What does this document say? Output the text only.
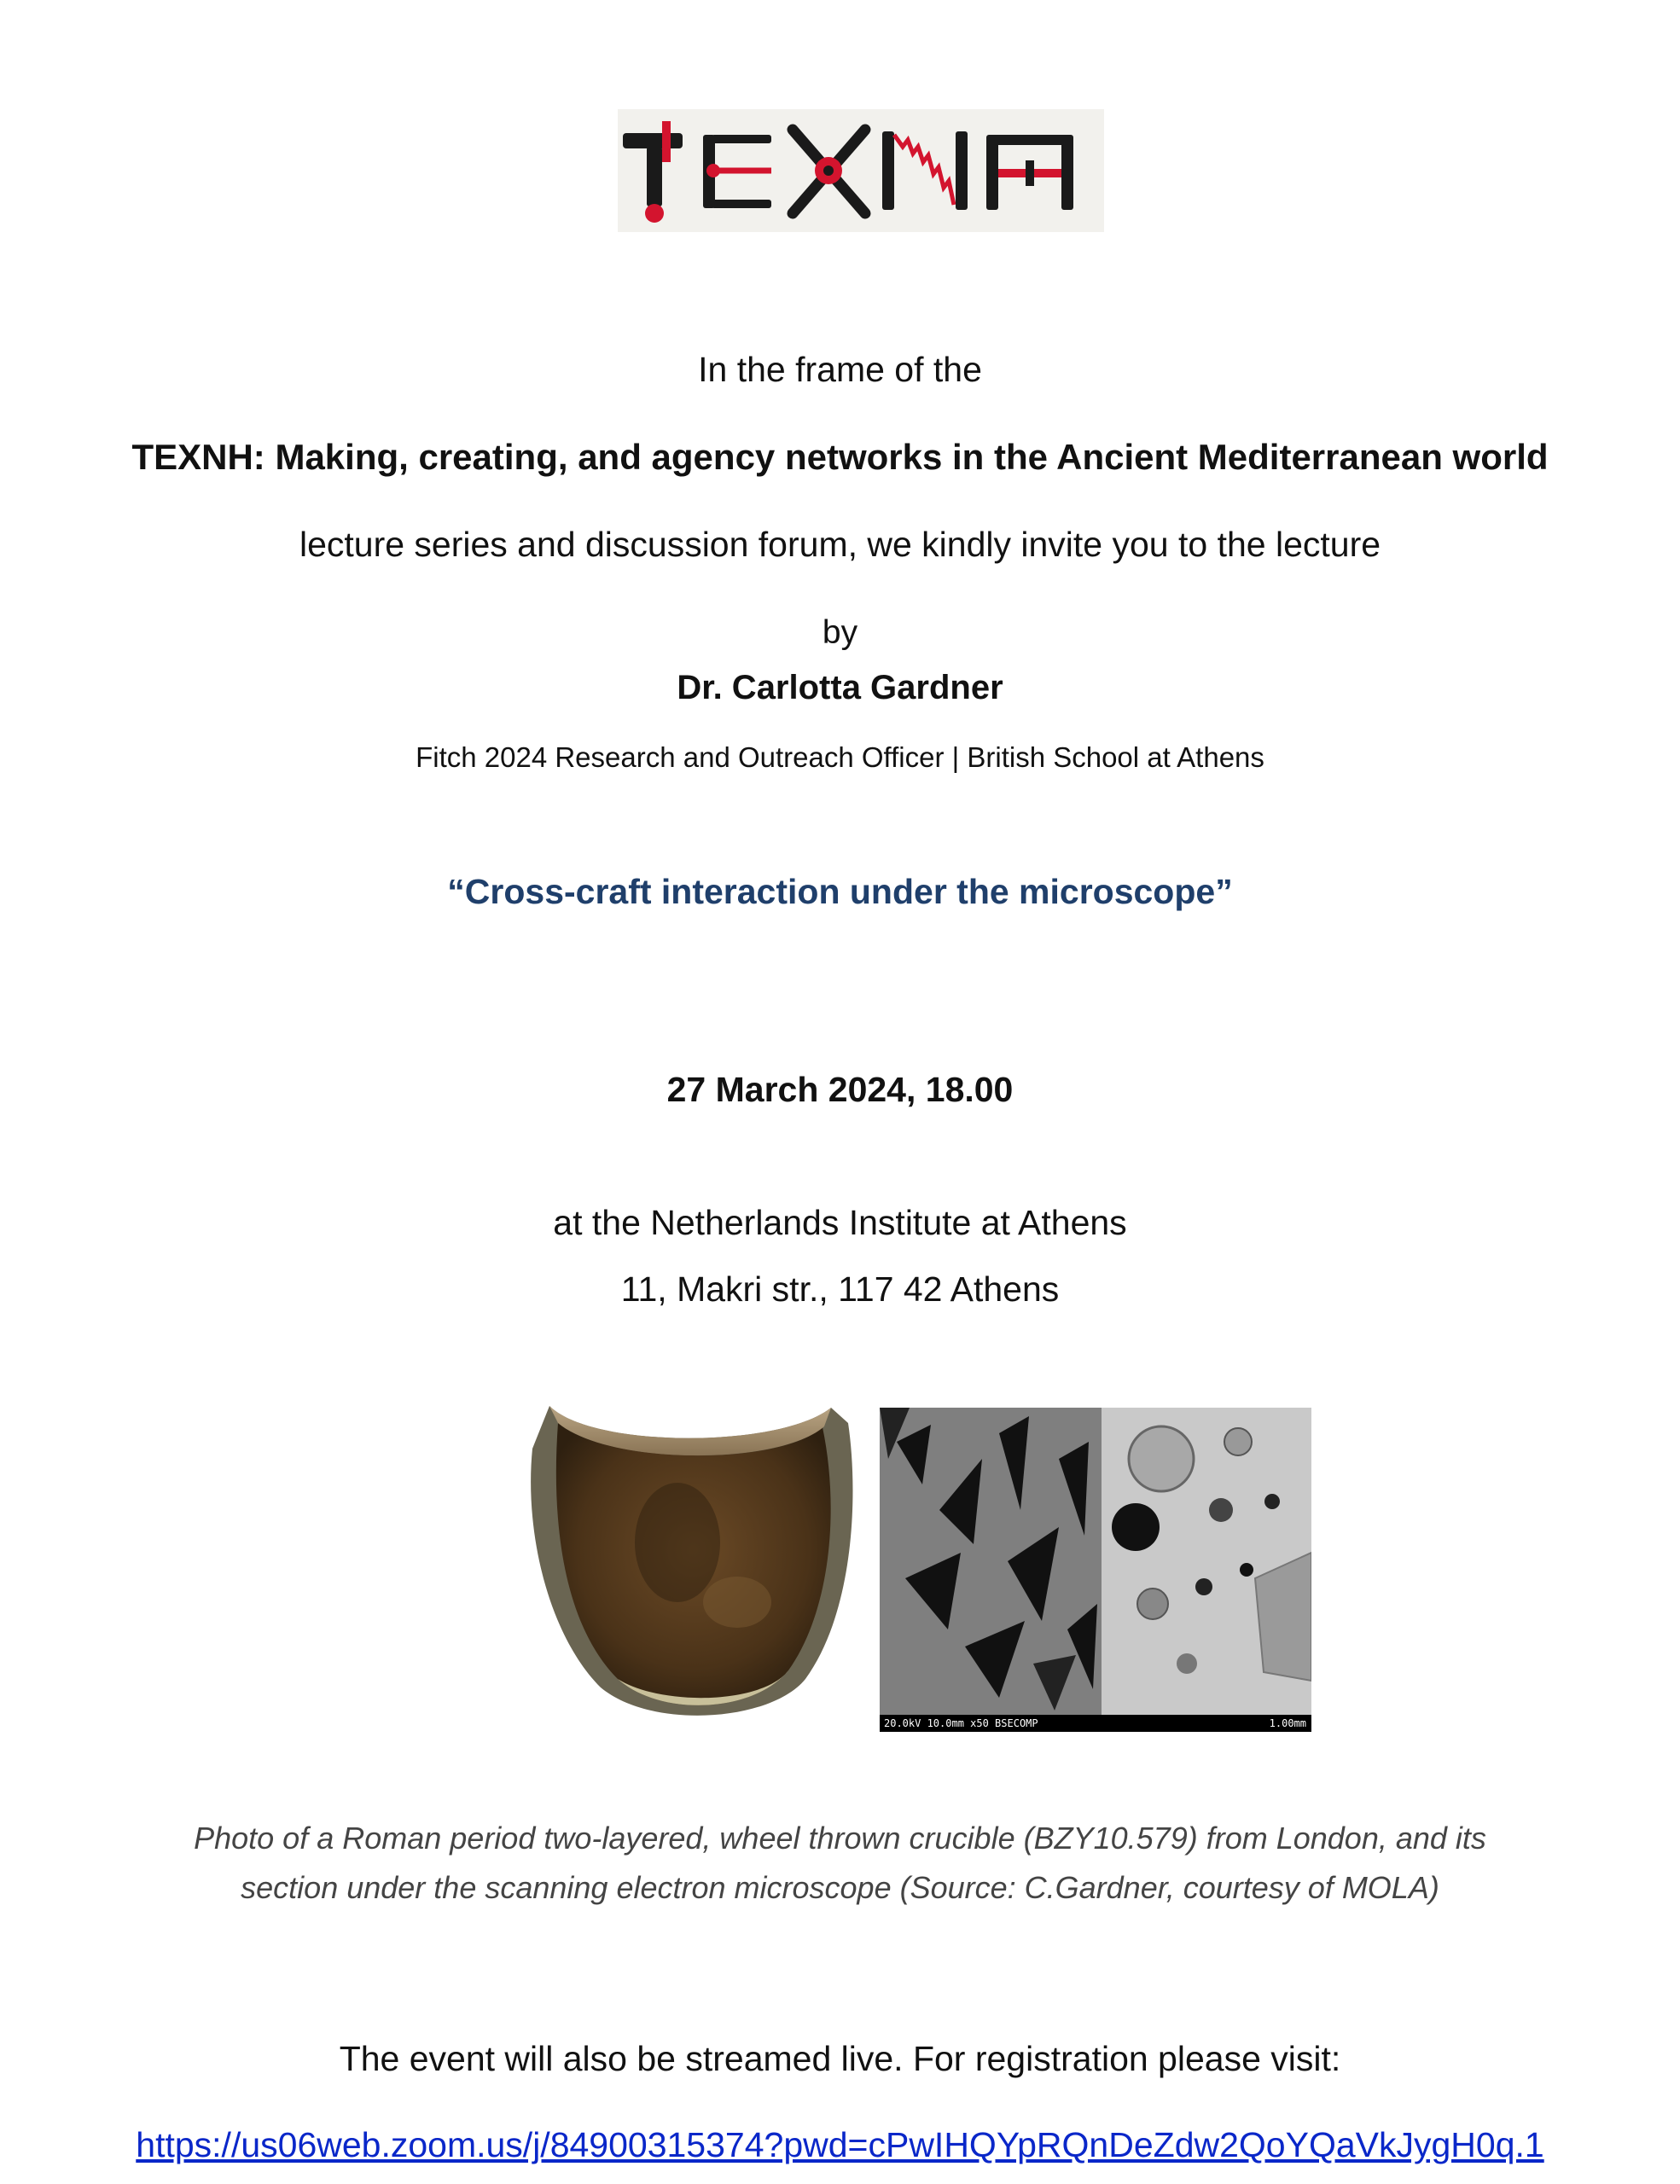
In the frame of the
TEXNH: Making, creating, and agency networks in the Ancient Mediterranean world
lecture series and discussion forum, we kindly invite you to the lecture
by
Dr. Carlotta Gardner
Fitch 2024 Research and Outreach Officer | British School at Athens
“Cross-craft interaction under the microscope”
27 March 2024, 18.00
at the Netherlands Institute at Athens
11, Makri str., 117 42 Athens
20.0kV 10.0mm x50 BSECOMP	1.00mm
Photo of a Roman period two-layered, wheel thrown crucible (BZY10.579) from London, and its
section under the scanning electron microscope (Source: C.Gardner, courtesy of MOLA)
The event will also be streamed live. For registration please visit:
https://us06web.zoom.us/j/84900315374?pwd=cPwIHQYpRQnDeZdw2QoYQaVkJygH0q.1
